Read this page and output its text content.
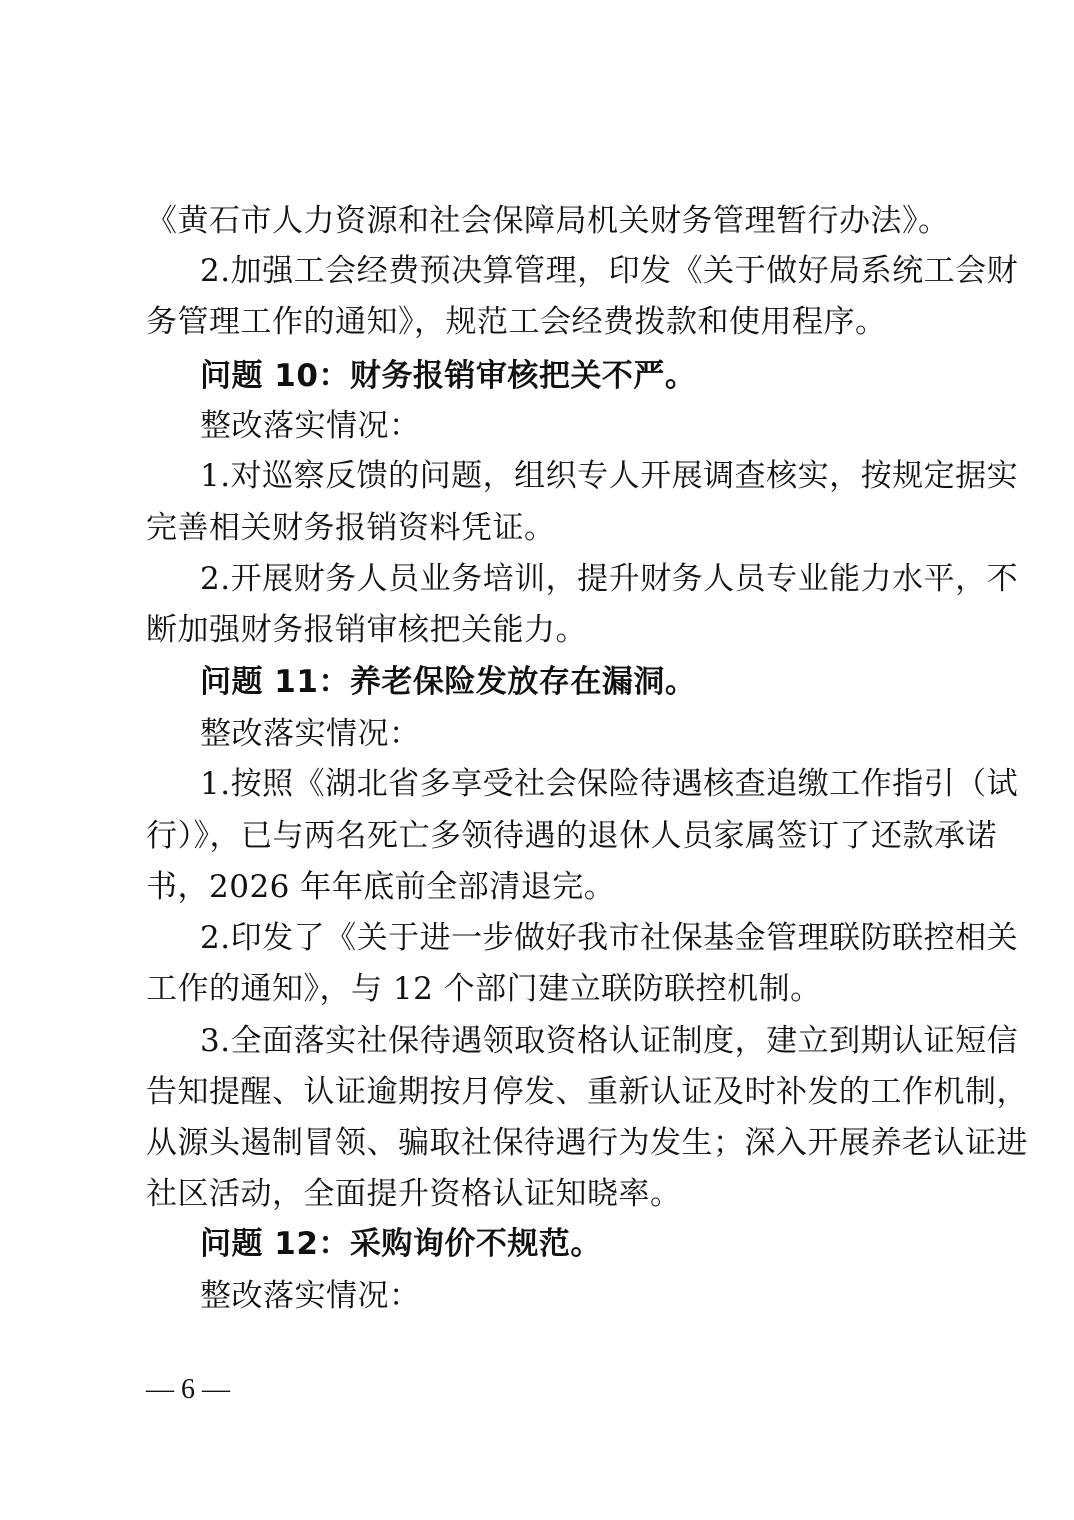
《黄石市人力资源和社会保障局机关财务管理暂行办法》。
2.加强工会经费预决算管理，印发《关于做好局系统工会财
务管理工作的通知》，规范工会经费拨款和使用程序。
问题 10：财务报销审核把关不严。
整改落实情况：
1.对巡察反馈的问题，组织专人开展调查核实，按规定据实
完善相关财务报销资料凭证。
2.开展财务人员业务培训，提升财务人员专业能力水平，不
断加强财务报销审核把关能力。
问题 11：养老保险发放存在漏洞。
整改落实情况：
1.按照《湖北省多享受社会保险待遇核查追缴工作指引（试
行）》，已与两名死亡多领待遇的退休人员家属签订了还款承诺
书，2026 年年底前全部清退完。
2.印发了《关于进一步做好我市社保基金管理联防联控相关
工作的通知》，与 12 个部门建立联防联控机制。
3.全面落实社保待遇领取资格认证制度，建立到期认证短信
告知提醒、认证逾期按月停发、重新认证及时补发的工作机制，
从源头遏制冒领、骗取社保待遇行为发生；深入开展养老认证进
社区活动，全面提升资格认证知晓率。
问题 12：采购询价不规范。
整改落实情况：
— 6 —
